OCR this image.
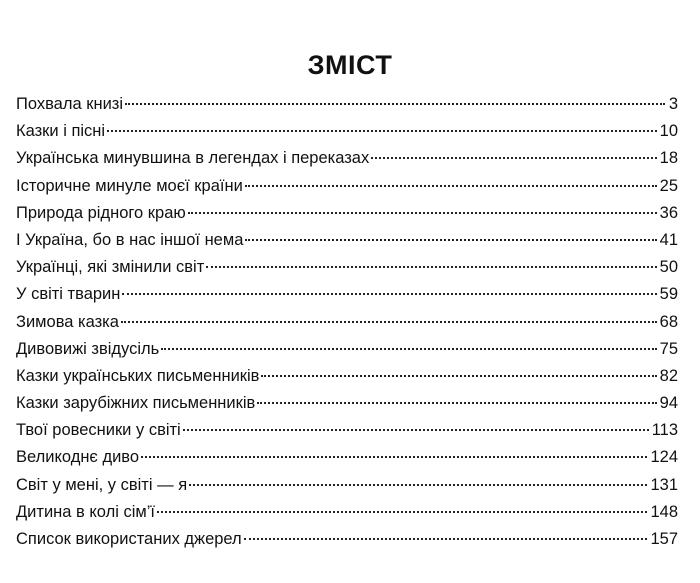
ЗМІСТ
Похвала книзі	3
Казки і пісні	10
Українська минувшина в легендах і переказах	18
Історичне минуле моєї країни	25
Природа рідного краю	36
І Україна, бо в нас іншої нема	41
Українці, які змінили світ	50
У світі тварин	59
Зимова казка	68
Дивовижі звідусіль	75
Казки українських письменників	82
Казки зарубіжних письменників	94
Твої ровесники у світі	113
Великоднє диво	124
Світ у мені, у світі — я	131
Дитина в колі сім’ї	148
Список використаних джерел	157
